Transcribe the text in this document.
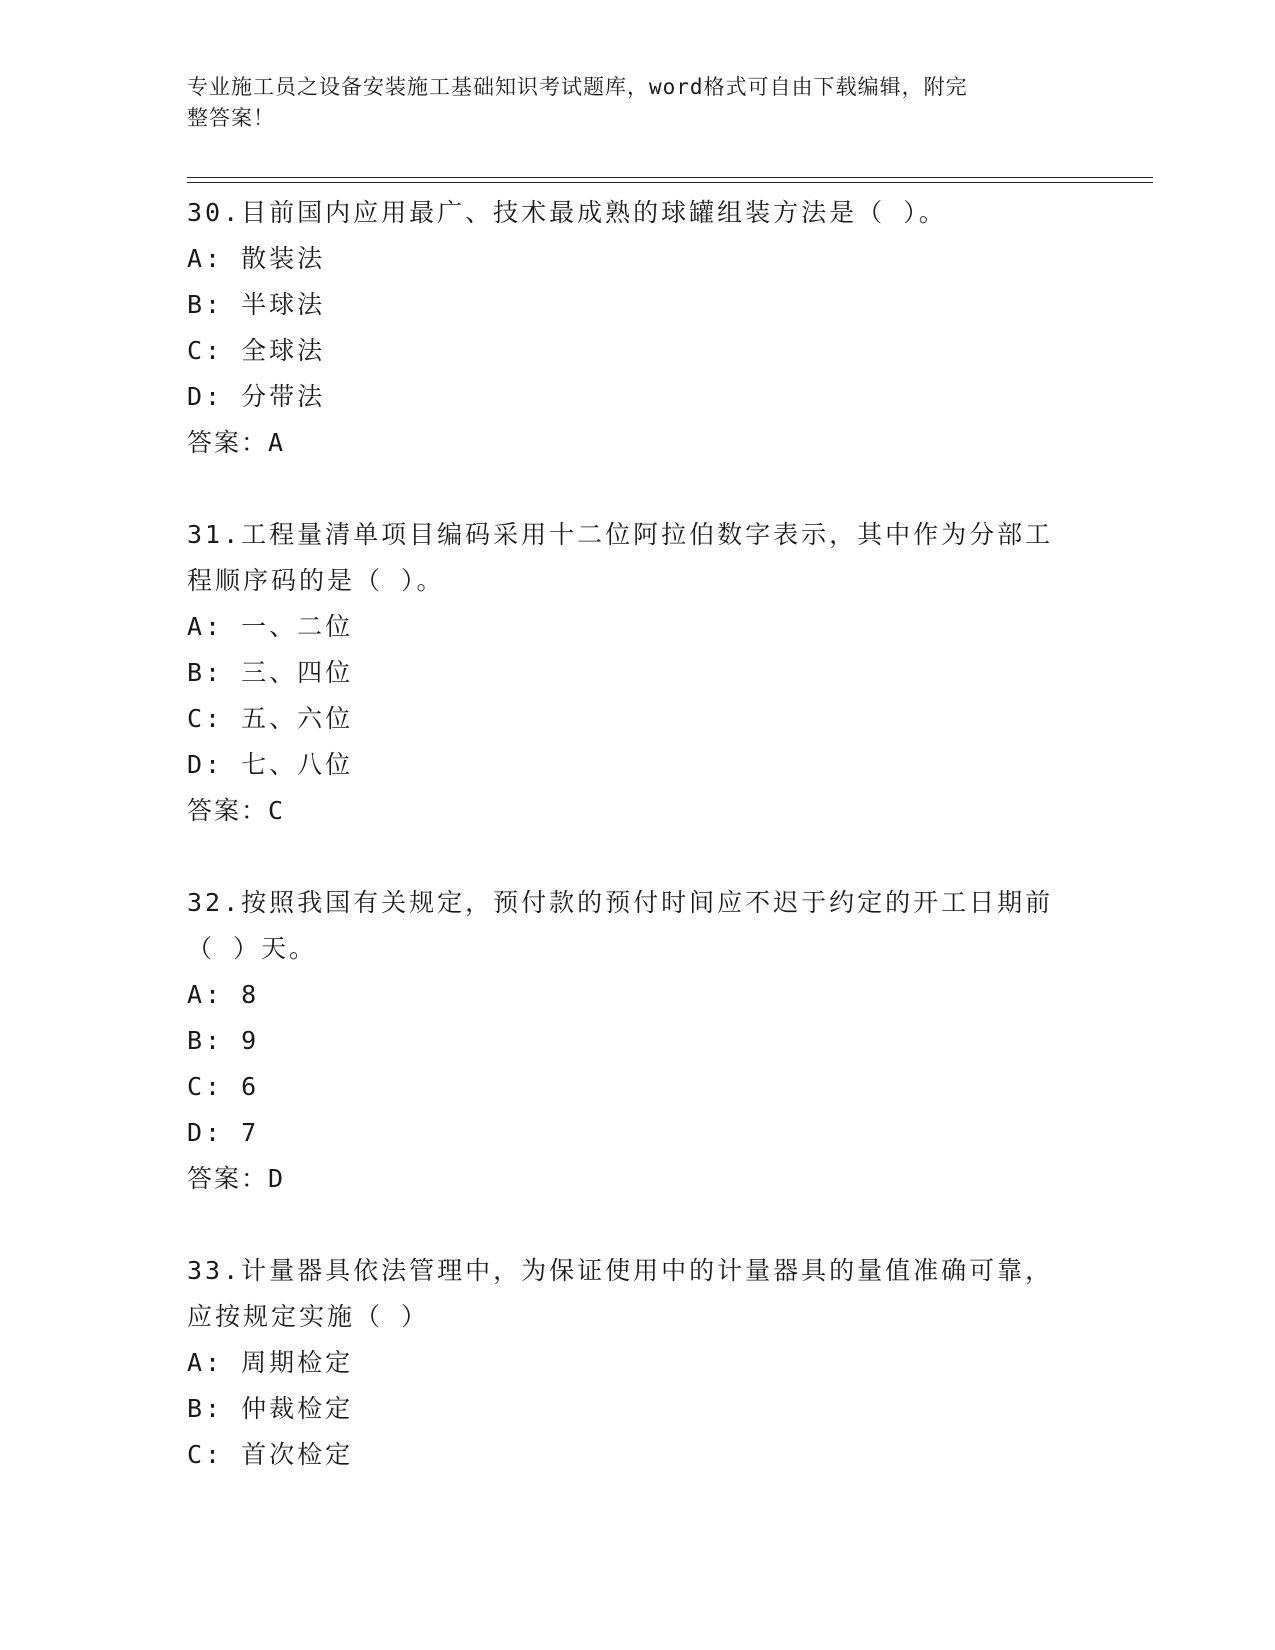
专业施工员之设备安装施工基础知识考试题库，word格式可自由下载编辑，附完
整答案！
30.目前国内应用最广、技术最成熟的球罐组装方法是（ ）。
A: 散装法
B: 半球法
C: 全球法
D: 分带法
答案：A
31.工程量清单项目编码采用十二位阿拉伯数字表示，其中作为分部工
程顺序码的是（ ）。
A: 一、二位
B: 三、四位
C: 五、六位
D: 七、八位
答案：C
32.按照我国有关规定，预付款的预付时间应不迟于约定的开工日期前
（ ）天。
A: 8
B: 9
C: 6
D: 7
答案：D
33.计量器具依法管理中，为保证使用中的计量器具的量值准确可靠，
应按规定实施（ ）
A: 周期检定
B: 仲裁检定
C: 首次检定
